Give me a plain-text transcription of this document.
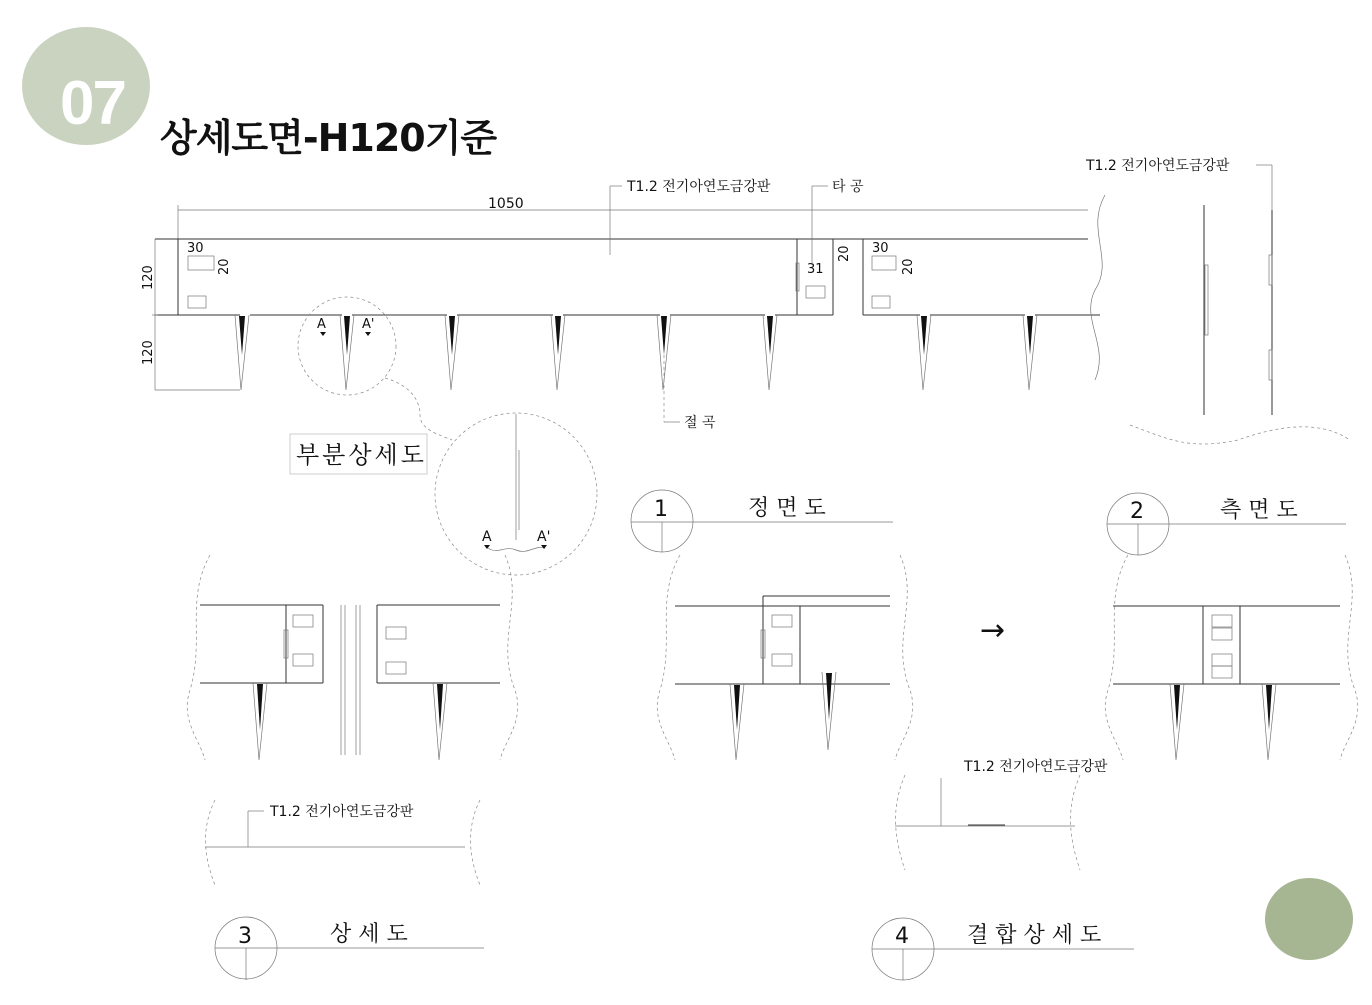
07 상세도면-H120기준
1050
120
120
30
20	31
20 30
20
T1.2 전기아연도금강판	타 공
절 곡
A	A'
부분상세도
A	A'
T1.2 전기아연도금강판
1	정 면 도	2	측 면 도
3	상 세 도	4	결 합 상 세 도
T1.2 전기아연도금강판
→
T1.2 전기아연도금강판
